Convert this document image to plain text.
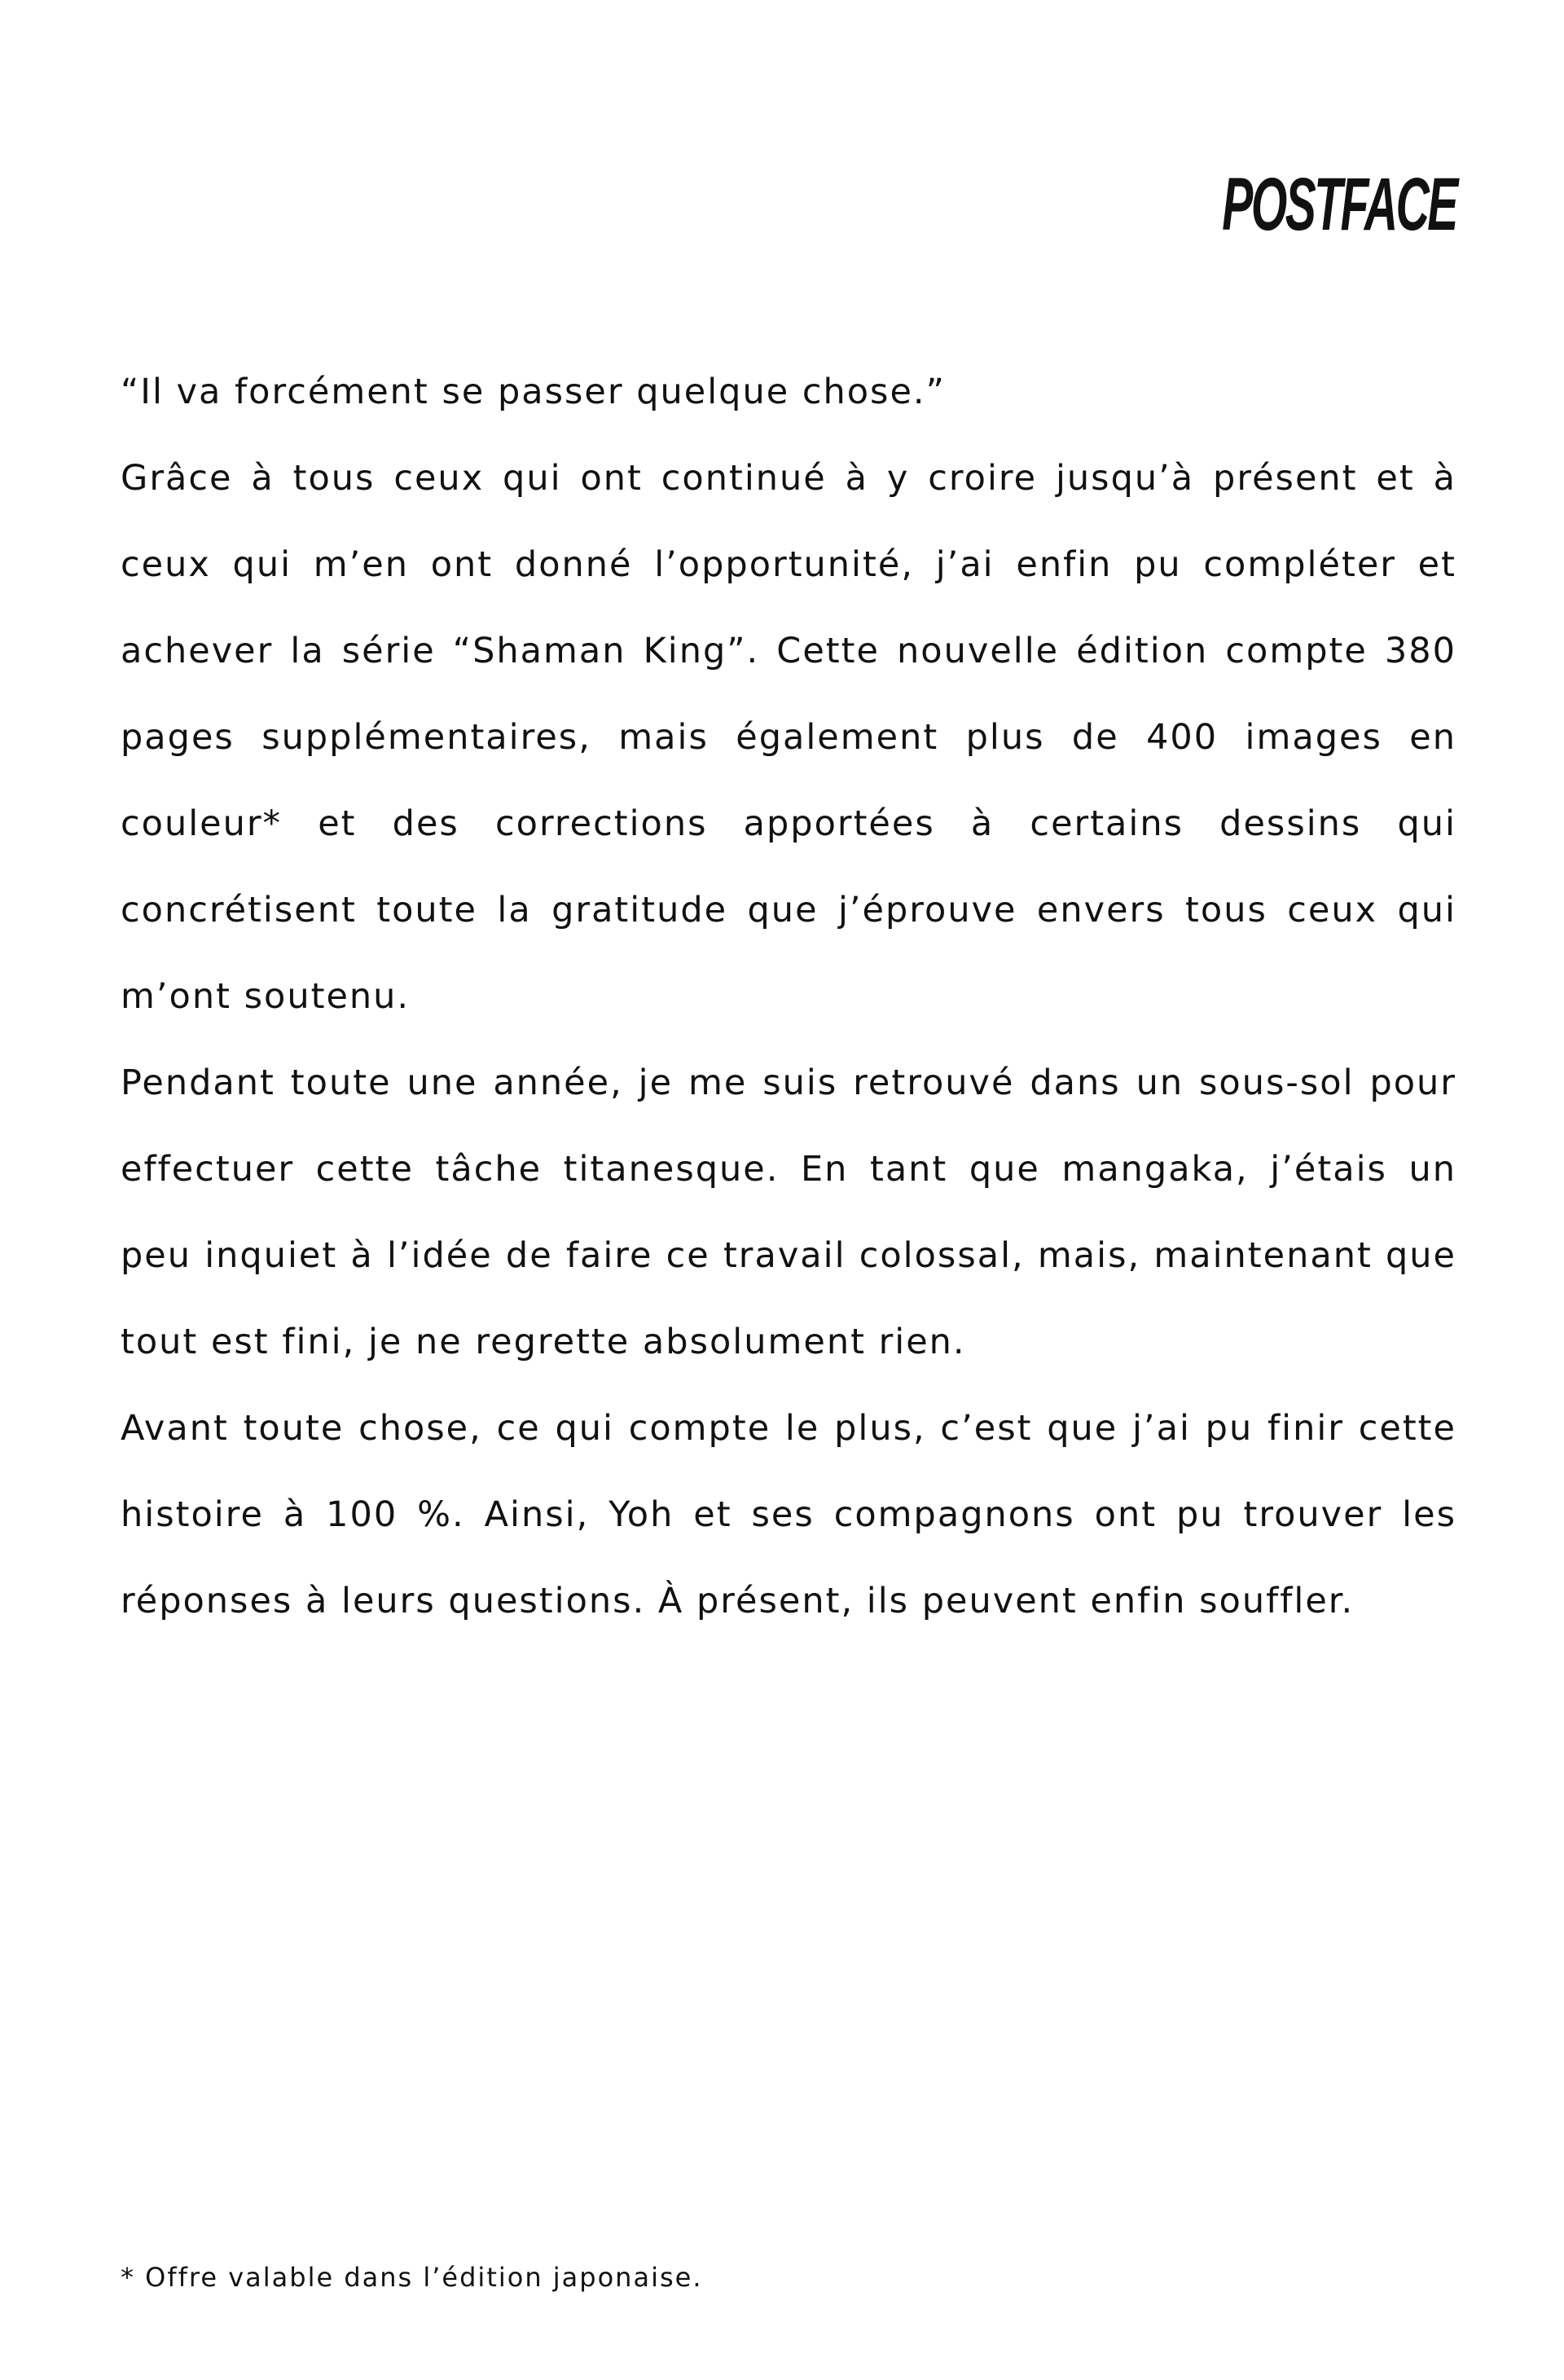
POSTFACE

“Il va forcément se passer quelque chose.”

Grâce à tous ceux qui ont continué à y croire jusqu’à présent et à ceux qui m’en ont donné l’opportunité, j’ai enfin pu compléter et achever la série “Shaman King”. Cette nouvelle édition compte 380 pages supplémentaires, mais également plus de 400 images en couleur* et des corrections apportées à certains dessins qui concrétisent toute la gratitude que j’éprouve envers tous ceux qui m’ont soutenu.

Pendant toute une année, je me suis retrouvé dans un sous-sol pour effectuer cette tâche titanesque. En tant que mangaka, j’étais un peu inquiet à l’idée de faire ce travail colossal, mais, maintenant que tout est fini, je ne regrette absolument rien.

Avant toute chose, ce qui compte le plus, c’est que j’ai pu finir cette histoire à 100 %. Ainsi, Yoh et ses compagnons ont pu trouver les réponses à leurs questions. À présent, ils peuvent enfin souffler.

* Offre valable dans l’édition japonaise.
